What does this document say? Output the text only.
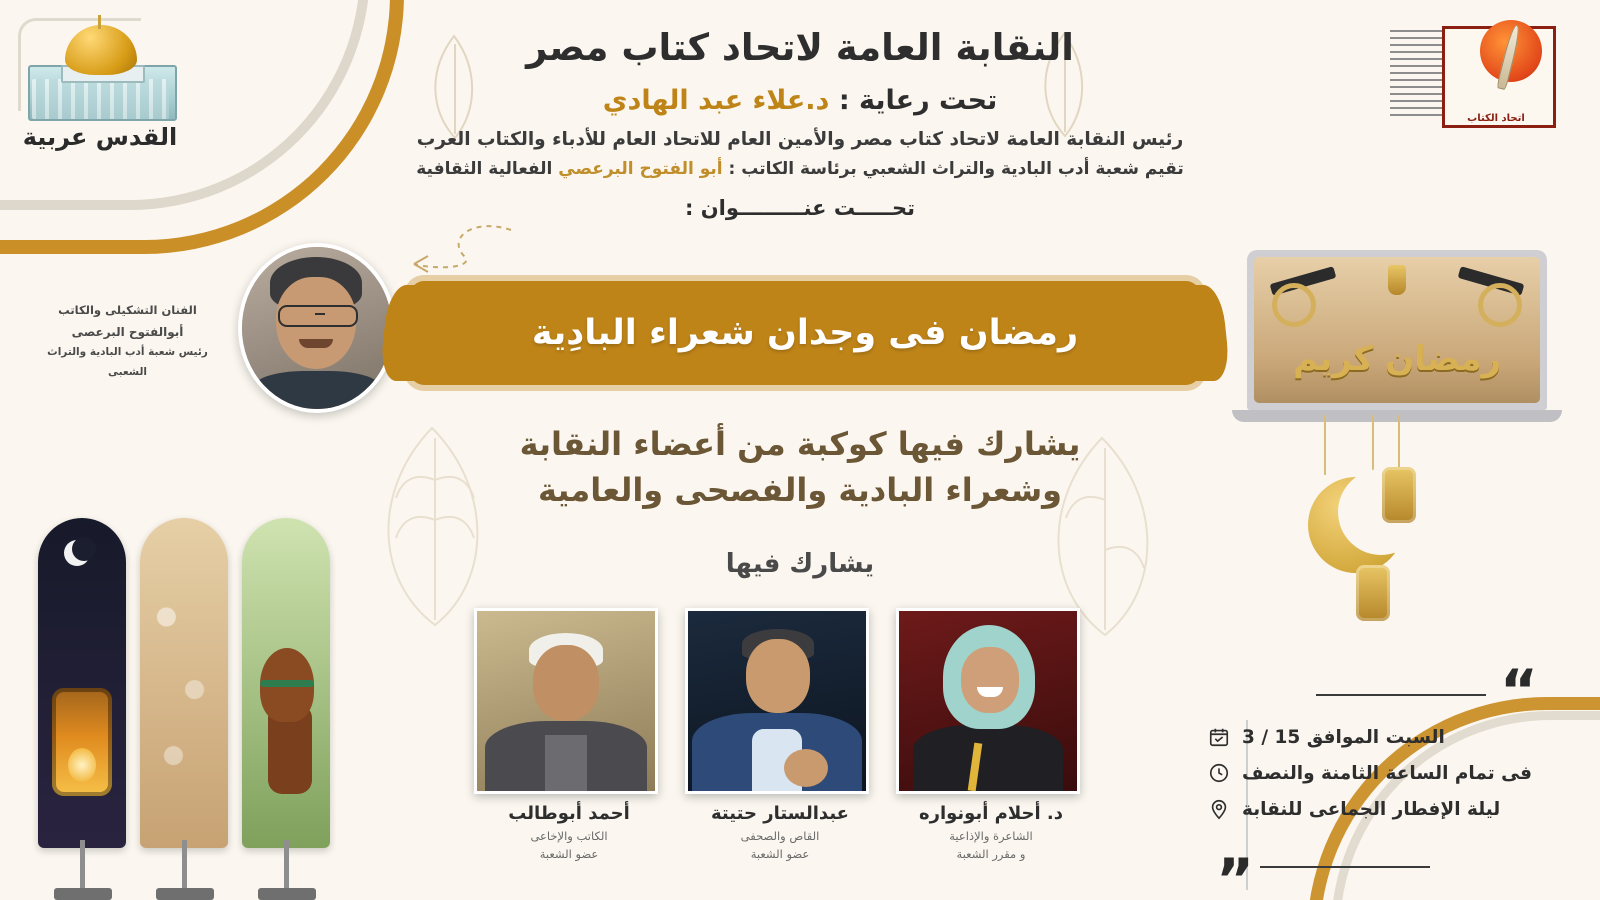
القدس عربية
اتحاد الكتاب
النقابة العامة لاتحاد كتاب مصر
تحت رعاية : د.علاء عبد الهادي
رئيس النقابة العامة لاتحاد كتاب مصر والأمين العام للاتحاد العام للأدباء والكتاب العرب
تقيم شعبة أدب البادية والتراث الشعبي برئاسة الكاتب : أبو الفتوح البرعصي الفعالية الثقافية
تحـــــت عنـــــــــوان :
الفنان التشكيلى والكاتب
أبوالفتوح البرعصى
رئيس شعبة أدب البادية والتراث الشعبى
رمضان فى وجدان شعراء البادِية
يشارك فيها كوكبة من أعضاء النقابة
وشعراء البادية والفصحى والعامية
يشارك فيها
د. أحلام أبونواره
الشاعرة والإذاعية
و مقرر الشعبة
عبدالستار حتيتة
القاص والصحفى
عضو الشعبة
أحمد أبوطالب
الكاتب والإخاعى
عضو الشعبة
رمضان كريم
“
”
السبت الموافق 15 / 3
فى تمام الساعة الثامنة والنصف
ليلة الإفطار الجماعى للنقابة
